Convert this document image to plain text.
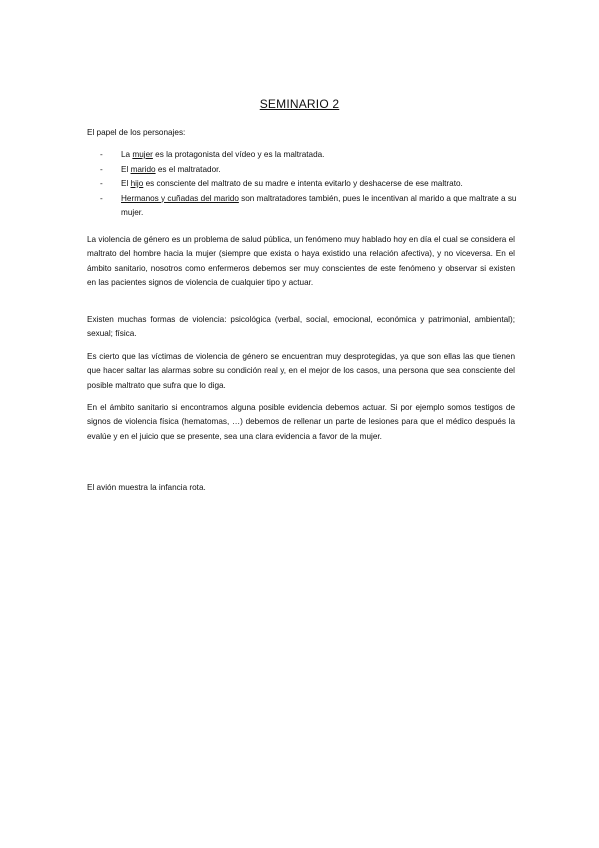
SEMINARIO 2
El papel de los personajes:
- La mujer es la protagonista del vídeo y es la maltratada.
- El marido es el maltratador.
- El hijo es consciente del maltrato de su madre e intenta evitarlo y deshacerse de ese maltrato.
- Hermanos y cuñadas del marido son maltratadores también, pues le incentivan al marido a que maltrate a su mujer.

La violencia de género es un problema de salud pública, un fenómeno muy hablado hoy en día el cual se considera el maltrato del hombre hacia la mujer (siempre que exista o haya existido una relación afectiva), y no viceversa. En el ámbito sanitario, nosotros como enfermeros debemos ser muy conscientes de este fenómeno y observar si existen en las pacientes signos de violencia de cualquier tipo y actuar.

Existen muchas formas de violencia: psicológica (verbal, social, emocional, económica y patrimonial, ambiental); sexual; física.

Es cierto que las víctimas de violencia de género se encuentran muy desprotegidas, ya que son ellas las que tienen que hacer saltar las alarmas sobre su condición real y, en el mejor de los casos, una persona que sea consciente del posible maltrato que sufra que lo diga.

En el ámbito sanitario si encontramos alguna posible evidencia debemos actuar. Si por ejemplo somos testigos de signos de violencia física (hematomas, …) debemos de rellenar un parte de lesiones para que el médico después la evalúe y en el juicio que se presente, sea una clara evidencia a favor de la mujer.

El avión muestra la infancia rota.
